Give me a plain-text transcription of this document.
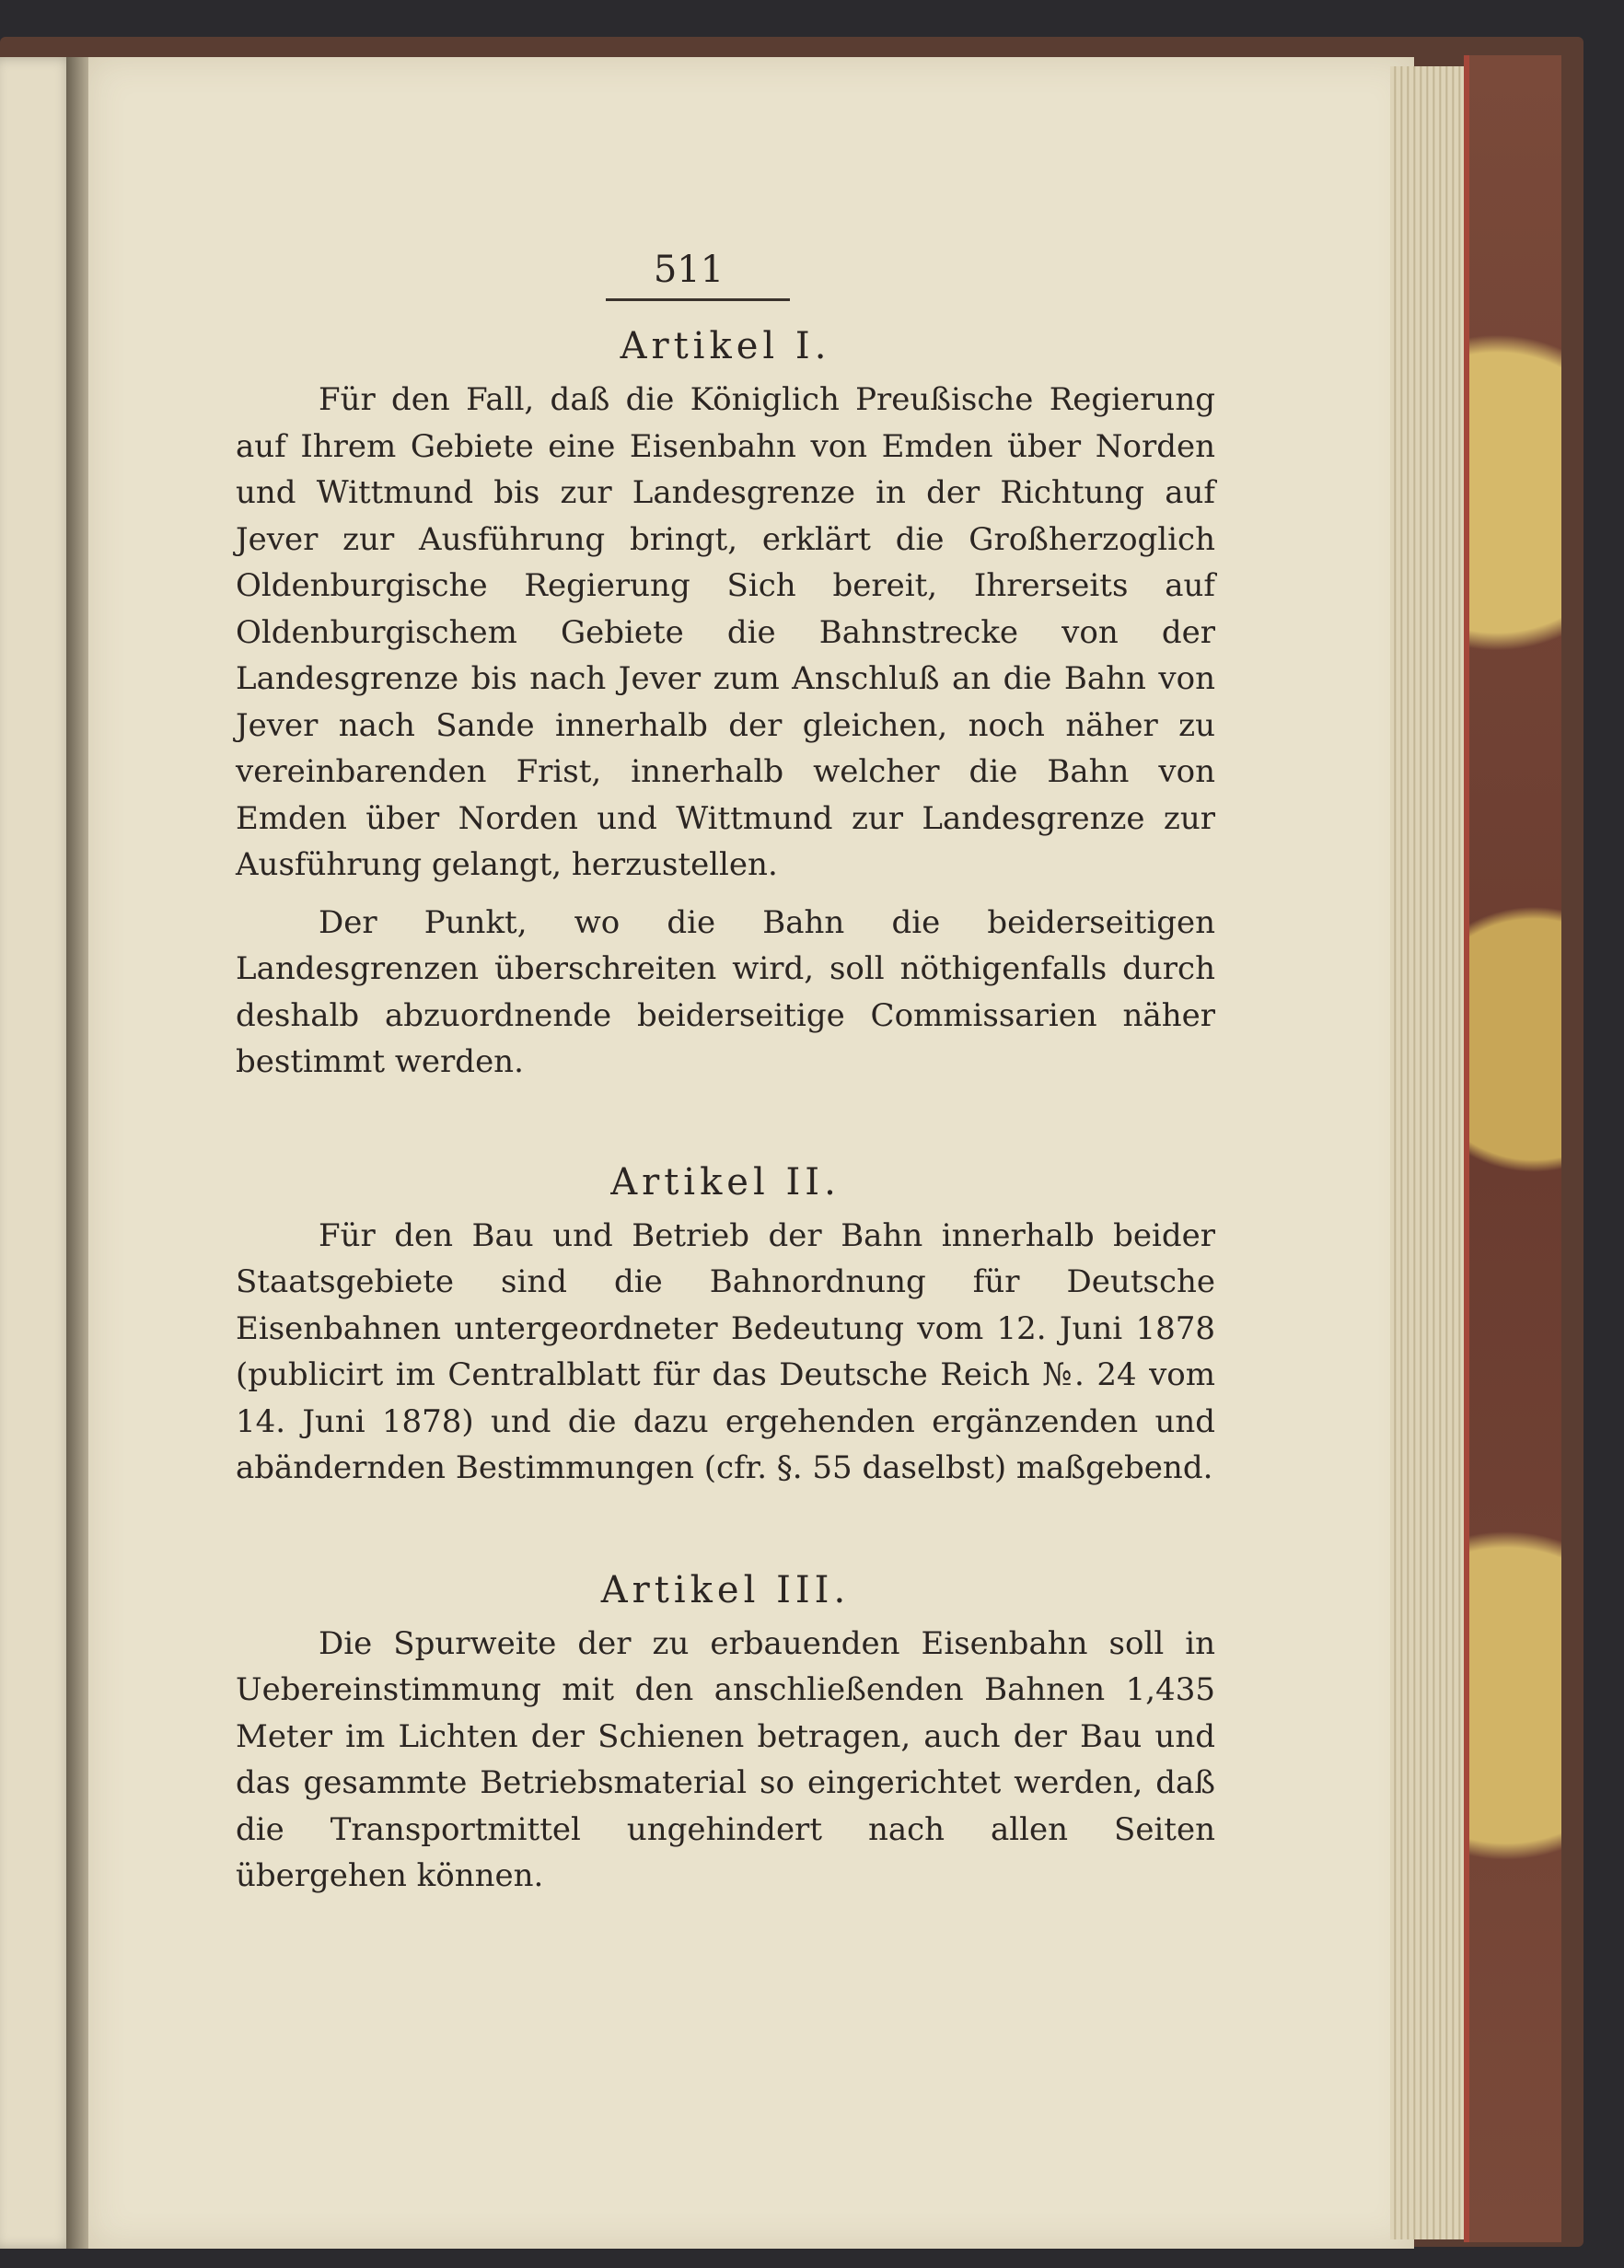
511
Artikel I.

Für den Fall, daß die Königlich Preußische Regierung auf Ihrem Gebiete eine Eisenbahn von Emden über Norden und Wittmund bis zur Landesgrenze in der Richtung auf Jever zur Ausführung bringt, erklärt die Großherzoglich Oldenburgische Regierung Sich bereit, Ihrerseits auf Oldenburgischem Gebiete die Bahnstrecke von der Landesgrenze bis nach Jever zum Anschluß an die Bahn von Jever nach Sande innerhalb der gleichen, noch näher zu vereinbarenden Frist, innerhalb welcher die Bahn von Emden über Norden und Wittmund zur Landesgrenze zur Ausführung gelangt, herzustellen.

Der Punkt, wo die Bahn die beiderseitigen Landesgrenzen überschreiten wird, soll nöthigenfalls durch deshalb abzuordnende beiderseitige Commissarien näher bestimmt werden.

Artikel II.

Für den Bau und Betrieb der Bahn innerhalb beider Staatsgebiete sind die Bahnordnung für Deutsche Eisenbahnen untergeordneter Bedeutung vom 12. Juni 1878 (publicirt im Centralblatt für das Deutsche Reich №. 24 vom 14. Juni 1878) und die dazu ergehenden ergänzenden und abändernden Bestimmungen (cfr. §. 55 daselbst) maßgebend.

Artikel III.

Die Spurweite der zu erbauenden Eisenbahn soll in Uebereinstimmung mit den anschließenden Bahnen 1,435 Meter im Lichten der Schienen betragen, auch der Bau und das gesammte Betriebsmaterial so eingerichtet werden, daß die Transportmittel ungehindert nach allen Seiten übergehen können.
